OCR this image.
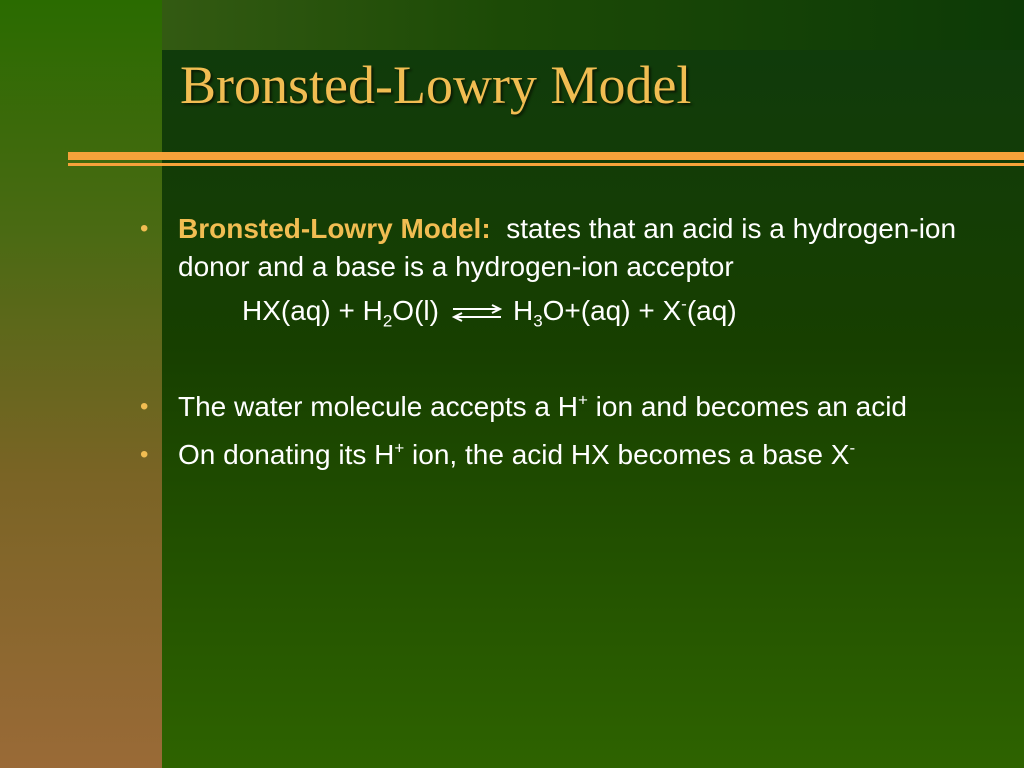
Bronsted-Lowry Model
• Bronsted-Lowry Model: states that an acid is a hydrogen-ion donor and a base is a hydrogen-ion acceptor
$HX(aq) + H_2O(l)$ ⇌ $H_3O+(aq) + X^-(aq)$
• The water molecule accepts a H+ ion and becomes an acid
• On donating its H+ ion, the acid HX becomes a base X-
